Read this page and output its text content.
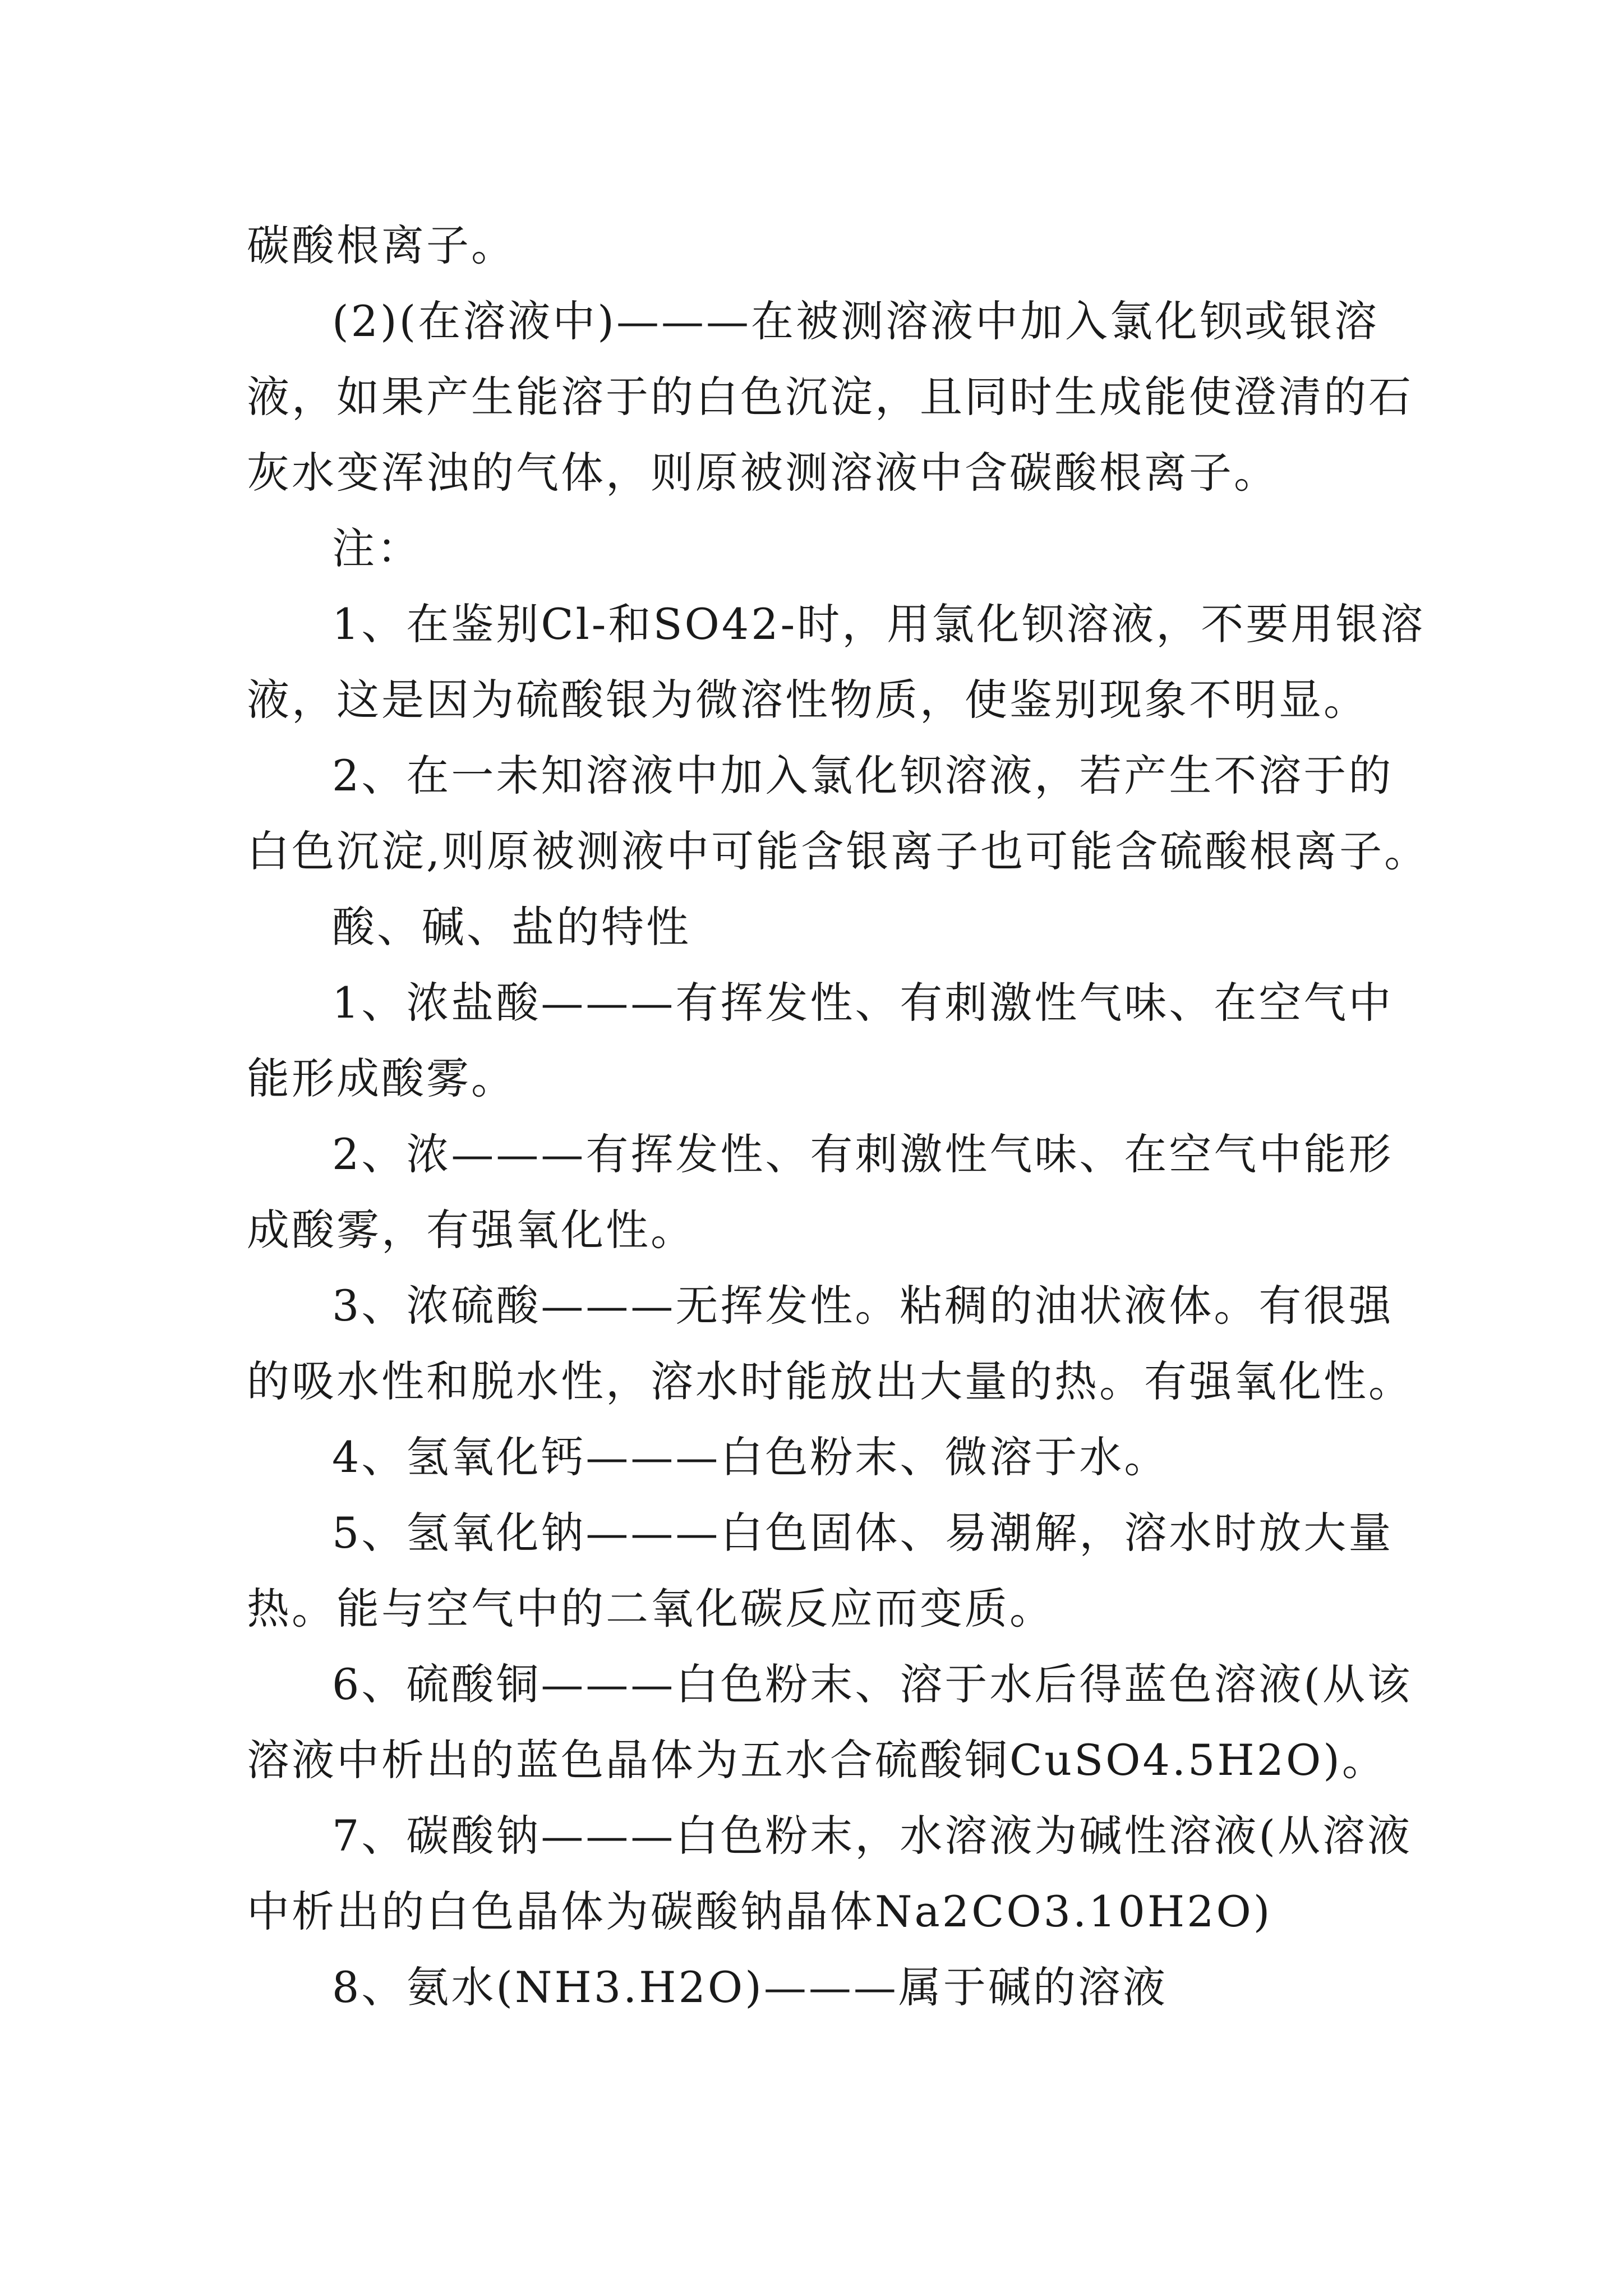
碳酸根离子。
(2)(在溶液中)———在被测溶液中加入氯化钡或银溶
液，如果产生能溶于的白色沉淀，且同时生成能使澄清的石
灰水变浑浊的气体，则原被测溶液中含碳酸根离子。
注：
1、在鉴别Cl-和SO42-时，用氯化钡溶液，不要用银溶
液，这是因为硫酸银为微溶性物质，使鉴别现象不明显。
2、在一未知溶液中加入氯化钡溶液，若产生不溶于的
白色沉淀,则原被测液中可能含银离子也可能含硫酸根离子。
酸、碱、盐的特性
1、浓盐酸———有挥发性、有刺激性气味、在空气中
能形成酸雾。
2、浓———有挥发性、有刺激性气味、在空气中能形
成酸雾，有强氧化性。
3、浓硫酸———无挥发性。粘稠的油状液体。有很强
的吸水性和脱水性，溶水时能放出大量的热。有强氧化性。
4、氢氧化钙———白色粉末、微溶于水。
5、氢氧化钠———白色固体、易潮解，溶水时放大量
热。能与空气中的二氧化碳反应而变质。
6、硫酸铜———白色粉末、溶于水后得蓝色溶液(从该
溶液中析出的蓝色晶体为五水合硫酸铜CuSO4.5H2O)。
7、碳酸钠———白色粉末，水溶液为碱性溶液(从溶液
中析出的白色晶体为碳酸钠晶体Na2CO3.10H2O)
8、氨水(NH3.H2O)———属于碱的溶液
